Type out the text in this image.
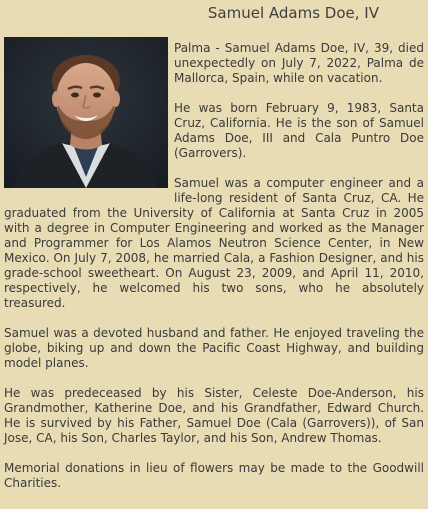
Samuel Adams Doe, IV

Palma - Samuel Adams Doe, IV, 39, died unexpectedly on July 7, 2022, Palma de Mallorca, Spain, while on vacation.

He was born February 9, 1983, Santa Cruz, California. He is the son of Samuel Adams Doe, III and Cala Puntro Doe (Garrovers).

Samuel was a computer engineer and a life-long resident of Santa Cruz, CA. He graduated from the University of California at Santa Cruz in 2005 with a degree in Computer Engineering and worked as the Manager and Programmer for Los Alamos Neutron Science Center, in New Mexico. On July 7, 2008, he married Cala, a Fashion Designer, and his grade-school sweetheart. On August 23, 2009, and April 11, 2010, respectively, he welcomed his two sons, who he absolutely treasured.

Samuel was a devoted husband and father. He enjoyed traveling the globe, biking up and down the Pacific Coast Highway, and building model planes.

He was predeceased by his Sister, Celeste Doe-Anderson, his Grandmother, Katherine Doe, and his Grandfather, Edward Church. He is survived by his Father, Samuel Doe (Cala (Garrovers)), of San Jose, CA, his Son, Charles Taylor, and his Son, Andrew Thomas.

Memorial donations in lieu of flowers may be made to the Goodwill Charities.
